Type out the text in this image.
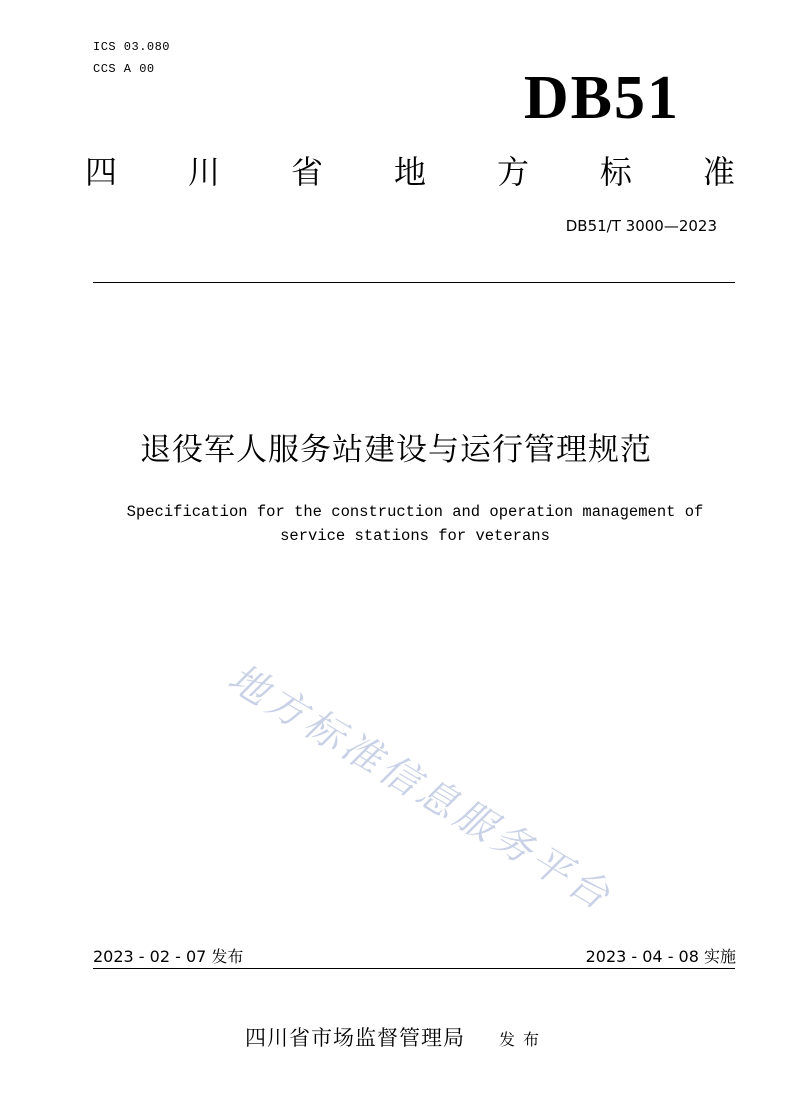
ICS 03.080
CCS A 00	DB51
四 川 省 地 方 标 准
DB51/T 3000—2023
退役军人服务站建设与运行管理规范
Specification for the construction and operation management of service stations for veterans
地方标准信息服务平台
2023 - 02 - 07 发布	2023 - 04 - 08 实施
四川省市场监督管理局 发布
